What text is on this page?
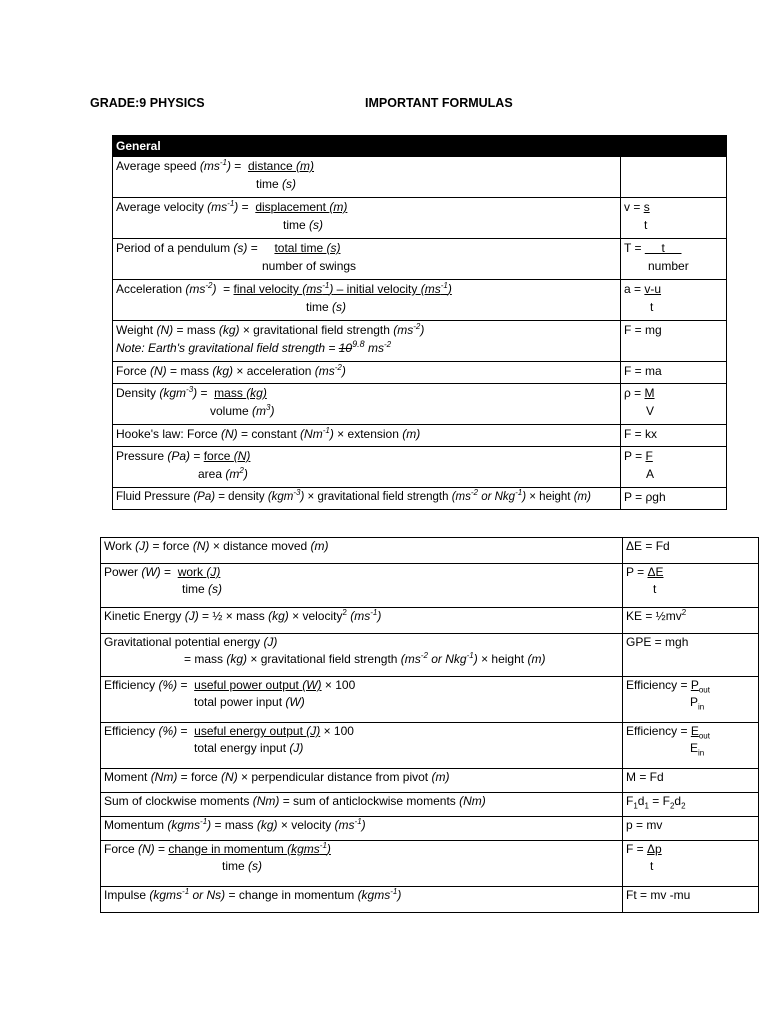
GRADE:9 PHYSICS	IMPORTANT FORMULAS
General	
Average speed $(ms^{-1})$ =  distance (m)
time (s)	
Average velocity $(ms^{-1})$ =  displacement (m)
time (s)	v = s
t
Period of a pendulum (s) =     total time (s)
number of swings	T =      t
number
Acceleration $(ms^{-2})$  = final velocity $(ms^{-1})$ – initial velocity $(ms^{-1})$
time (s)	a = v-u
t
Weight (N) = mass (kg) × gravitational field strength $(ms^{-2})$
Note: Earth's gravitational field strength = $10^{9.8}$ $ms^{-2}$	F = mg
Force (N) = mass (kg) × acceleration $(ms^{-2})$	F = ma
Density (kgm$^{-3}$) =  mass (kg)
volume $(m^3)$	ρ = M
V
Hooke's law: Force (N) = constant $(Nm^{-1})$ × extension (m)	F = kx
Pressure (Pa) = force (N)
area $(m^2)$	P = F
A
Fluid Pressure (Pa) = density (kgm$^{-3}$) × gravitational field strength ($ms^{-2}$ or Nkg$^{-1}$) × height (m)	P = ρgh
Work (J) = force (N) × distance moved (m)	ΔE = Fd
Power (W) =  work (J)
time (s)	P = ΔE
t
Kinetic Energy (J) = ½ × mass (kg) × velocity$^2$ $(ms^{-1})$	KE = $\frac{1}{2}mv^2$
Gravitational potential energy (J)
= mass (kg) × gravitational field strength ($ms^{-2}$ or Nkg$^{-1}$) × height (m)	GPE = mgh
Efficiency (%) =  useful power output (W) × 100
total power input (W)	Efficiency = $P_{out}$
$P_{in}$
Efficiency (%) =  useful energy output (J) × 100
total energy input (J)	Efficiency = $E_{out}$
$E_{in}$
Moment (Nm) = force (N) × perpendicular distance from pivot (m)	M = Fd
Sum of clockwise moments (Nm) = sum of anticlockwise moments (Nm)	$F_1d_1 = F_2d_2$
Momentum (kgms$^{-1}$) = mass (kg) × velocity $(ms^{-1})$	p = mv
Force (N) = change in momentum (kgms$^{-1}$)
time (s)	F = Δp
t
Impulse (kgms$^{-1}$ or Ns) = change in momentum (kgms$^{-1}$)	Ft = mv -mu
